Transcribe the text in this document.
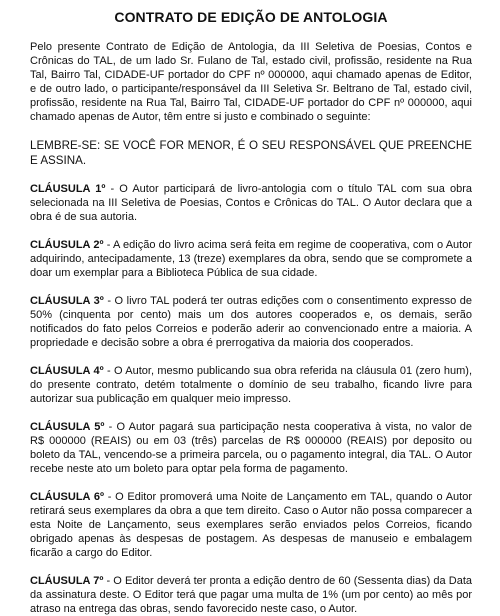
CONTRATO DE EDIÇÃO DE ANTOLOGIA

Pelo presente Contrato de Edição de Antologia, da III Seletiva de Poesias, Contos e Crônicas do TAL, de um lado Sr. Fulano de Tal, estado civil, profissão, residente na Rua Tal, Bairro Tal, CIDADE-UF portador do CPF nº 000000, aqui chamado apenas de Editor, e de outro lado, o participante/responsável da III Seletiva Sr. Beltrano de Tal, estado civil, profissão, residente na Rua Tal, Bairro Tal, CIDADE-UF portador do CPF nº 000000, aqui chamado apenas de Autor, têm entre si justo e combinado o seguinte:

LEMBRE-SE: SE VOCÊ FOR MENOR, É O SEU RESPONSÁVEL QUE PREENCHE E ASSINA.

CLÁUSULA 1º - O Autor participará de livro-antologia com o título TAL com sua obra selecionada na III Seletiva de Poesias, Contos e Crônicas do TAL. O Autor declara que a obra é de sua autoria.

CLÁUSULA 2º - A edição do livro acima será feita em regime de cooperativa, com o Autor adquirindo, antecipadamente, 13 (treze) exemplares da obra, sendo que se compromete a doar um exemplar para a Biblioteca Pública de sua cidade.

CLÁUSULA 3º - O livro TAL poderá ter outras edições com o consentimento expresso de 50% (cinquenta por cento) mais um dos autores cooperados e, os demais, serão notificados do fato pelos Correios e poderão aderir ao convencionado entre a maioria. A propriedade e decisão sobre a obra é prerrogativa da maioria dos cooperados.

CLÁUSULA 4º - O Autor, mesmo publicando sua obra referida na cláusula 01 (zero hum), do presente contrato, detém totalmente o domínio de seu trabalho, ficando livre para autorizar sua publicação em qualquer meio impresso.

CLÁUSULA 5º - O Autor pagará sua participação nesta cooperativa à vista, no valor de R$ 000000 (REAIS) ou em 03 (três) parcelas de R$ 000000 (REAIS) por deposito ou boleto da TAL, vencendo-se a primeira parcela, ou o pagamento integral, dia TAL. O Autor recebe neste ato um boleto para optar pela forma de pagamento.

CLÁUSULA 6º - O Editor promoverá uma Noite de Lançamento em TAL, quando o Autor retirará seus exemplares da obra a que tem direito. Caso o Autor não possa comparecer a esta Noite de Lançamento, seus exemplares serão enviados pelos Correios, ficando obrigado apenas às despesas de postagem. As despesas de manuseio e embalagem ficarão a cargo do Editor.

CLÁUSULA 7º - O Editor deverá ter pronta a edição dentro de 60 (Sessenta dias) da Data da assinatura deste. O Editor terá que pagar uma multa de 1% (um por cento) ao mês por atraso na entrega das obras, sendo favorecido neste caso, o Autor.
